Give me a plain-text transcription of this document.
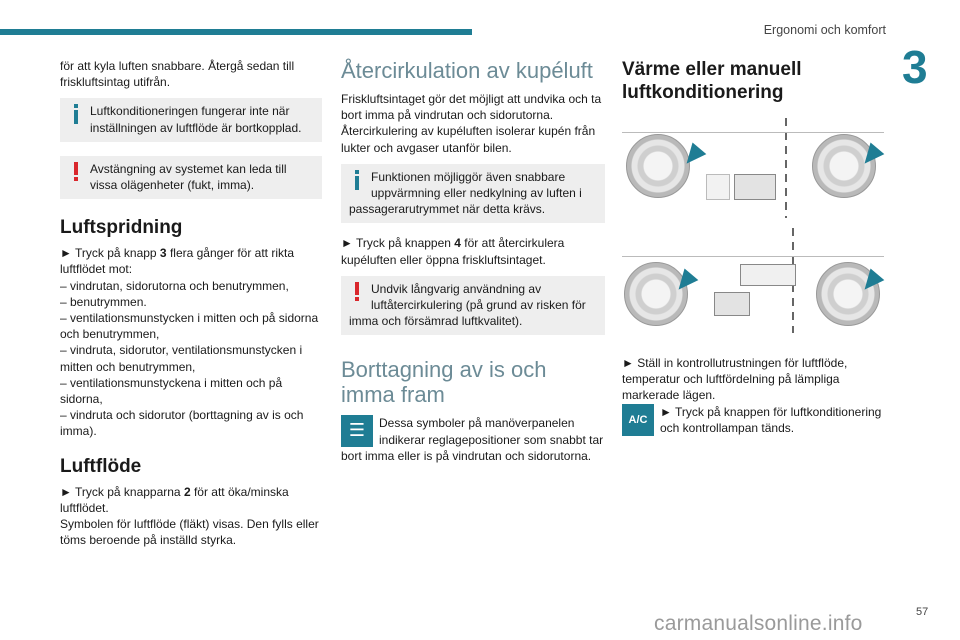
Ergonomi och komfort
3

för att kyla luften snabbare. Återgå sedan till friskluftsintag utifrån.

Luftkonditioneringen fungerar inte när inställningen av luftflöde är bortkopplad.
Avstängning av systemet kan leda till vissa olägenheter (fukt, imma).
Luftspridning

► Tryck på knapp 3 flera gånger för att rikta luftflödet mot:

– vindrutan, sidorutorna och benutrymmen,
– benutrymmen.
– ventilationsmunstycken i mitten och på sidorna och benutrymmen,
– vindruta, sidorutor, ventilationsmunstycken i mitten och benutrymmen,
– ventilationsmunstyckena i mitten och på sidorna,
– vindruta och sidorutor (borttagning av is och imma).
Luftflöde

► Tryck på knapparna 2 för att öka/minska luftflödet.

Symbolen för luftflöde (fläkt) visas. Den fylls eller töms beroende på inställd styrka.

Återcirkulation av kupéluft

Friskluftsintaget gör det möjligt att undvika och ta bort imma på vindrutan och sidorutorna. Återcirkulering av kupéluften isolerar kupén från lukter och avgaser utanför bilen.

Funktionen möjliggör även snabbare uppvärmning eller nedkylning av luften i
passagerarutrymmet när detta krävs.

► Tryck på knappen 4 för att återcirkulera kupéluften eller öppna friskluftsintaget.

Undvik långvarig användning av luftåtercirkulering (på grund av risken för
imma och försämrad luftkvalitet).
Borttagning av is och imma fram
☰	Dessa symboler på manöverpanelen indikerar reglagepositioner som snabbt tar bort imma eller is på vindrutan och sidorutorna.
Värme eller manuell luftkonditionering

► Ställ in kontrollutrustningen för luftflöde, temperatur och luftfördelning på lämpliga markerade lägen.

A/C
► Tryck på knappen för luftkonditionering och kontrollampan tänds.
carmanualsonline.info	57
